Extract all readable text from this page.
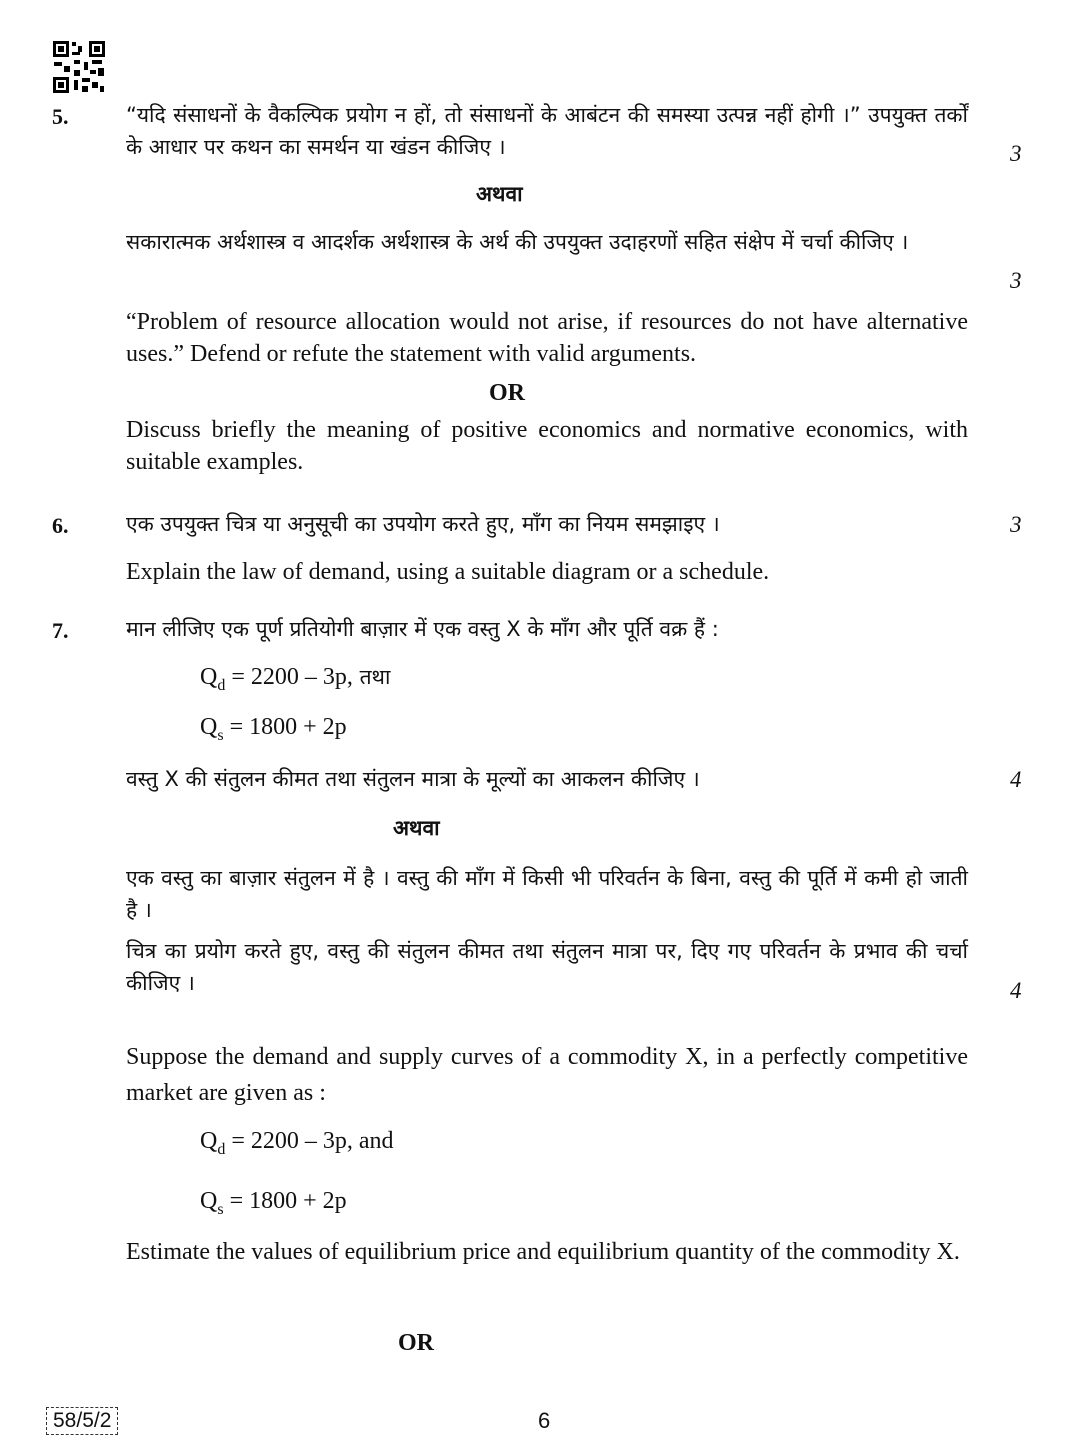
5.	“यदि संसाधनों के वैकल्पिक प्रयोग न हों, तो संसाधनों के आबंटन की समस्या उत्पन्न नहीं होगी ।” उपयुक्त तर्कों के आधार पर कथन का समर्थन या खंडन कीजिए ।	3
अथवा
सकारात्मक अर्थशास्त्र व आदर्शक अर्थशास्त्र के अर्थ की उपयुक्त उदाहरणों सहित संक्षेप में चर्चा कीजिए ।
3
“Problem of resource allocation would not arise, if resources do not have alternative uses.” Defend or refute the statement with valid arguments.
OR
Discuss briefly the meaning of positive economics and normative economics, with suitable examples.
6.	एक उपयुक्त चित्र या अनुसूची का उपयोग करते हुए, माँग का नियम समझाइए ।	3
Explain the law of demand, using a suitable diagram or a schedule.
7.	मान लीजिए एक पूर्ण प्रतियोगी बाज़ार में एक वस्तु X के माँग और पूर्ति वक्र हैं :
$Q_d = 2200 - 3p$, तथा
$Q_s = 1800 + 2p$
वस्तु X की संतुलन कीमत तथा संतुलन मात्रा के मूल्यों का आकलन कीजिए ।	4
अथवा
एक वस्तु का बाज़ार संतुलन में है । वस्तु की माँग में किसी भी परिवर्तन के बिना, वस्तु की पूर्ति में कमी हो जाती है ।
चित्र का प्रयोग करते हुए, वस्तु की संतुलन कीमत तथा संतुलन मात्रा पर, दिए गए परिवर्तन के प्रभाव की चर्चा कीजिए ।	4
Suppose the demand and supply curves of a commodity X, in a perfectly competitive market are given as :
$Q_d = 2200 - 3p$, and
$Q_s = 1800 + 2p$
Estimate the values of equilibrium price and equilibrium quantity of the commodity X.
OR
58/5/2	6
